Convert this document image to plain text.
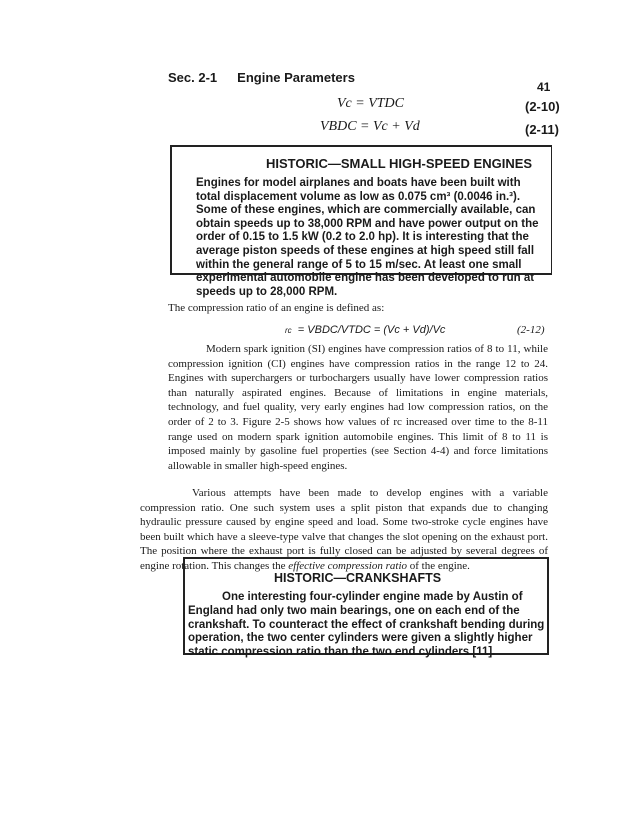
Sec. 2-1 Engine Parameters
41
Vc = VTDC	(2-10)
VBDC = Vc + Vd	(2-11)
HISTORIC—SMALL HIGH-SPEED ENGINES
Engines for model airplanes and boats have been built with total displacement volume as low as 0.075 cm³ (0.0046 in.³). Some of these engines, which are commercially available, can obtain speeds up to 38,000 RPM and have power output on the order of 0.15 to 1.5 kW (0.2 to 2.0 hp). It is interesting that the average piston speeds of these engines at high speed still fall within the general range of 5 to 15 m/sec. At least one small experimental automobile engine has been developed to run at speeds up to 28,000 RPM.
The compression ratio of an engine is defined as:
rc = VBDC/VTDC = (Vc + Vd)/Vc	(2-12)
Modern spark ignition (SI) engines have compression ratios of 8 to 11, while compression ignition (CI) engines have compression ratios in the range 12 to 24. Engines with superchargers or turbochargers usually have lower compression ratios than naturally aspirated engines. Because of limitations in engine materials, technology, and fuel quality, very early engines had low compression ratios, on the order of 2 to 3. Figure 2-5 shows how values of rc increased over time to the 8-11 range used on modern spark ignition automobile engines. This limit of 8 to 11 is imposed mainly by gasoline fuel properties (see Section 4-4) and force limitations allowable in smaller high-speed engines.
Various attempts have been made to develop engines with a variable compression ratio. One such system uses a split piston that expands due to changing hydraulic pressure caused by engine speed and load. Some two-stroke cycle engines have been built which have a sleeve-type valve that changes the slot opening on the exhaust port. The position where the exhaust port is fully closed can be adjusted by several degrees of engine rotation. This changes the effective compression ratio of the engine.
HISTORIC—CRANKSHAFTS
One interesting four-cylinder engine made by Austin of England had only two main bearings, one on each end of the crankshaft. To counteract the effect of crankshaft bending during operation, the two center cylinders were given a slightly higher static compression ratio than the two end cylinders [11].
